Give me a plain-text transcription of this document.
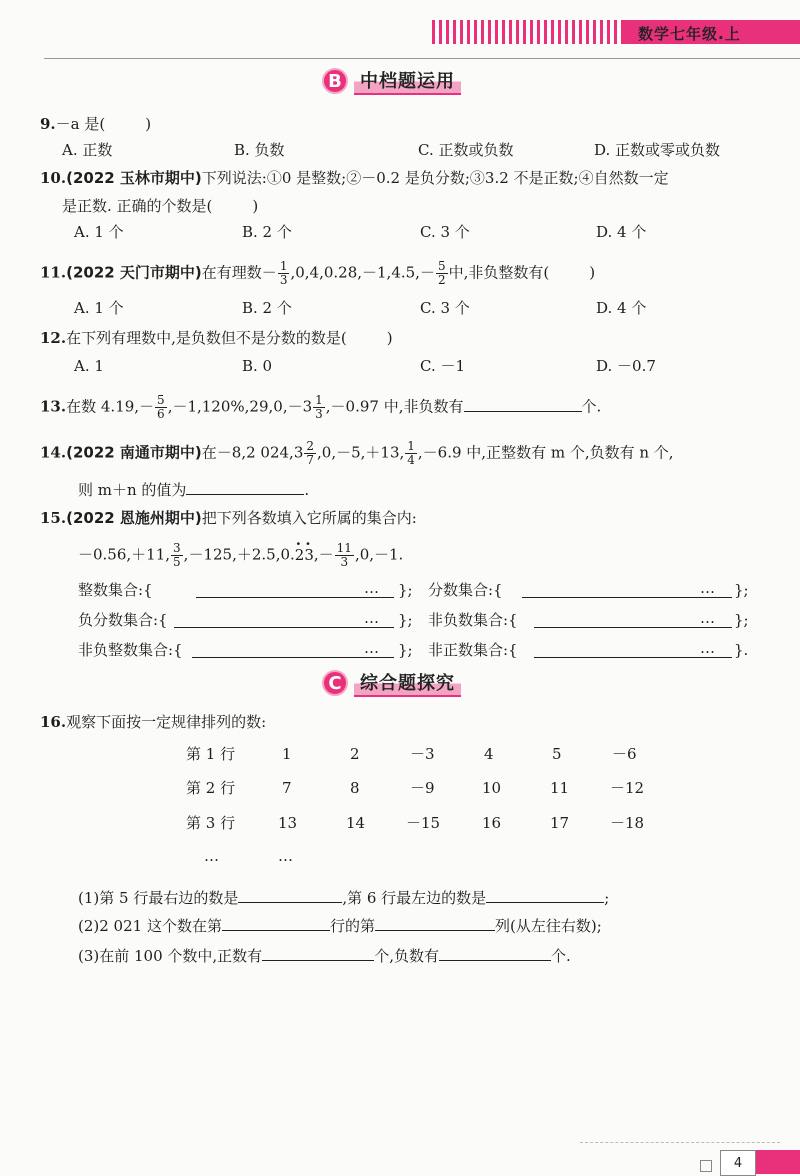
数学七年级.上
B	中档题运用
9.－a 是(	)
A. 正数	B. 负数	C. 正数或负数	D. 正数或零或负数
10.(2022 玉林市期中)下列说法:①0 是整数;②－0.2 是负分数;③3.2 不是正数;④自然数一定
是正数. 正确的个数是(	)
A. 1 个	B. 2 个	C. 3 个	D. 4 个
11.(2022 天门市期中)在有理数－ $\frac{1}{3} ,0,4,0.28,-1,4.5,- \frac{5}{2}$ 中,非负整数有(	)
A. 1 个	B. 2 个	C. 3 个	D. 4 个
12.在下列有理数中,是负数但不是分数的数是(	)
A. 1	B. 0	C. －1	D. －0.7
13.在数 $4.19,- \frac{5}{6} ,-1,120\%,29,0,-3 \frac{1}{3} ,-0.97$ 中,非负数有	个.
14.(2022 南通市期中)在－8,2 $024,3 \frac{2}{7} ,0,-5,+13$, $\frac{1}{4} ,-6.9$ 中,正整数有 m 个,负数有 n 个,
则 m＋n 的值为	.
15.(2022 恩施州期中)把下列各数填入它所属的集合内:
－0.56,＋11, $\frac{3}{5} ,-125,+2.5,0.\cdot 2\cdot 3,- \frac{11}{3} ,0,-1$.
整数集合:{	… }; 分数集合:{	… };
负分数集合:{	… }; 非负数集合:{	… };
非负整数集合:{	… }; 非正数集合:{	… }.
C	综合题探究
16.观察下面按一定规律排列的数:
第 1 行	1	2	－3	4	5	－6
第 2 行	7	8	－9	10	11	－12
第 3 行	13	14	－15	16	17	－18
…	…
(1)第 5 行最右边的数是	,第 6 行最左边的数是	;
(2)2 021 这个数在第	行的第	列(从左往右数);
(3)在前 100 个数中,正数有	个,负数有	个.
4
